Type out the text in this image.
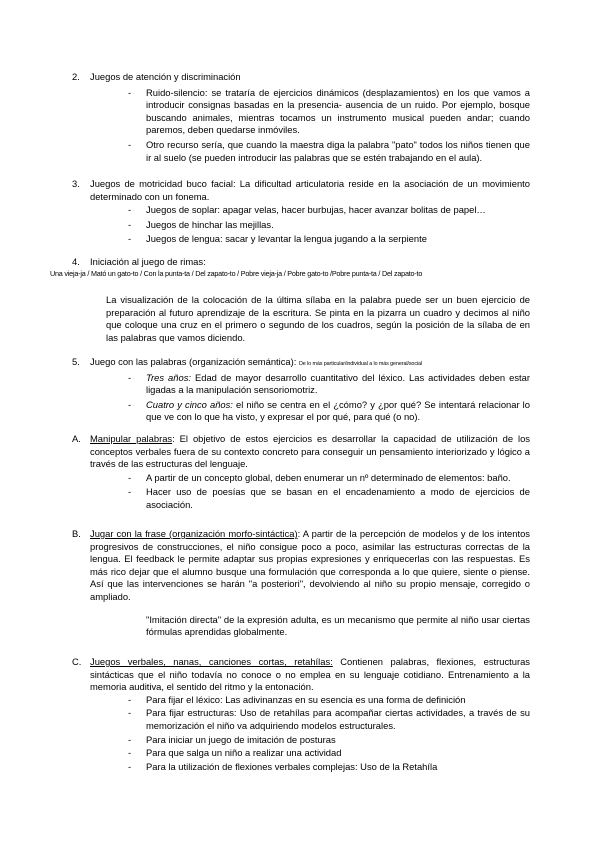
2. Juegos de atención y discriminación
- Ruido-silencio: se trataría de ejercicios dinámicos (desplazamientos) en los que vamos a introducir consignas basadas en la presencia- ausencia de un ruido. Por ejemplo, bosque buscando animales, mientras tocamos un instrumento musical pueden andar; cuando paremos, deben quedarse inmóviles.
- Otro recurso sería, que cuando la maestra diga la palabra "pato" todos los niños tienen que ir al suelo (se pueden introducir las palabras que se estén trabajando en el aula).
3. Juegos de motricidad buco facial: La dificultad articulatoria reside en la asociación de un movimiento determinado con un fonema.
- Juegos de soplar: apagar velas, hacer burbujas, hacer avanzar bolitas de papel…
- Juegos de hinchar las mejillas.
- Juegos de lengua: sacar y levantar la lengua jugando a la serpiente
4. Iniciación al juego de rimas:
Una vieja-ja / Mató un gato-to / Con la punta-ta / Del zapato-to / Pobre vieja-ja / Pobre gato-to /Pobre punta-ta / Del zapato-to
La visualización de la colocación de la última sílaba en la palabra puede ser un buen ejercicio de preparación al futuro aprendizaje de la escritura. Se pinta en la pizarra un cuadro y decimos al niño que coloque una cruz en el primero o segundo de los cuadros, según la posición de la sílaba de en las palabras que vamos diciendo.
5. Juego con las palabras (organización semántica): De lo más particular/individual a lo más general/social
- Tres años: Edad de mayor desarrollo cuantitativo del léxico. Las actividades deben estar ligadas a la manipulación sensoriomotriz.
- Cuatro y cinco años: el niño se centra en el ¿cómo? y ¿por qué? Se intentará relacionar lo que ve con lo que ha visto, y expresar el por qué, para qué (o no).
A. Manipular palabras: El objetivo de estos ejercicios es desarrollar la capacidad de utilización de los conceptos verbales fuera de su contexto concreto para conseguir un pensamiento interiorizado y lógico a través de las estructuras del lenguaje.
- A partir de un concepto global, deben enumerar un nº determinado de elementos: baño.
- Hacer uso de poesías que se basan en el encadenamiento a modo de ejercicios de asociación.
B. Jugar con la frase (organización morfo-sintáctica): A partir de la percepción de modelos y de los intentos progresivos de construcciones, el niño consigue poco a poco, asimilar las estructuras correctas de la lengua. El feedback le permite adaptar sus propias expresiones y enriquecerlas con las respuestas. Es más rico dejar que el alumno busque una formulación que corresponda a lo que quiere, siente o piense. Así que las intervenciones se harán "a posteriori", devolviendo al niño su propio mensaje, corregido o ampliado.
"Imitación directa" de la expresión adulta, es un mecanismo que permite al niño usar ciertas fórmulas aprendidas globalmente.
C. Juegos verbales, nanas, canciones cortas, retahílas: Contienen palabras, flexiones, estructuras sintácticas que el niño todavía no conoce o no emplea en su lenguaje cotidiano. Entrenamiento a la memoria auditiva, el sentido del ritmo y la entonación.
- Para fijar el léxico: Las adivinanzas en su esencia es una forma de definición
- Para fijar estructuras: Uso de retahílas para acompañar ciertas actividades, a través de su memorización el niño va adquiriendo modelos estructurales.
- Para iniciar un juego de imitación de posturas
- Para que salga un niño a realizar una actividad
- Para la utilización de flexiones verbales complejas: Uso de la Retahíla
